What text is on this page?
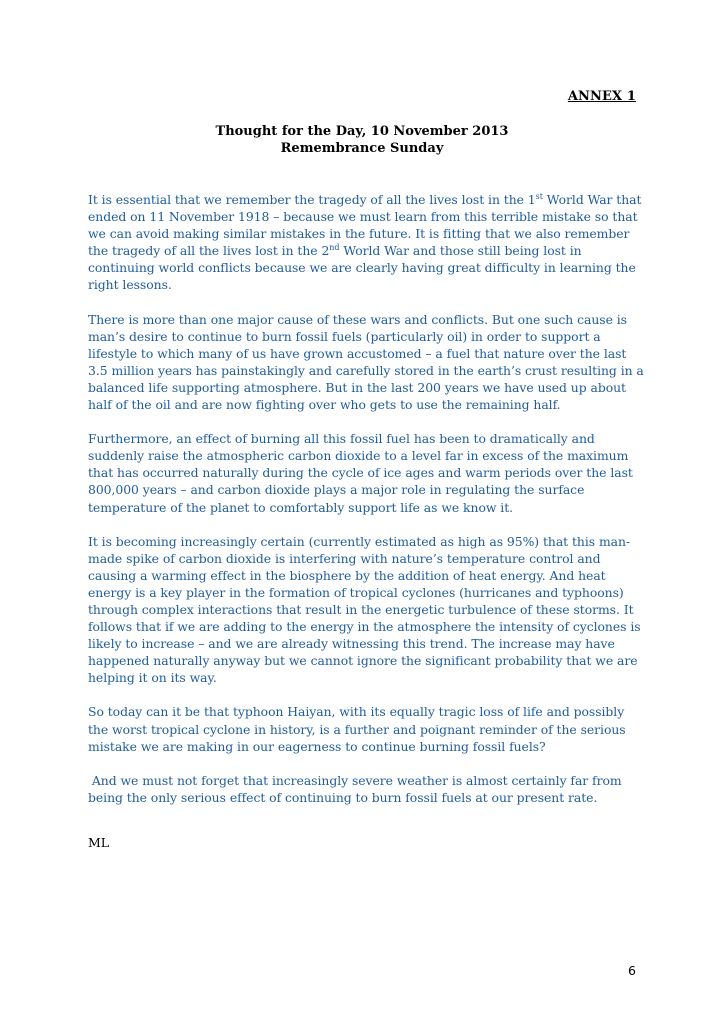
ANNEX 1
Thought for the Day, 10 November 2013
Remembrance Sunday

It is essential that we remember the tragedy of all the lives lost in the 1st World War that ended on 11 November 1918 – because we must learn from this terrible mistake so that we can avoid making similar mistakes in the future. It is fitting that we also remember the tragedy of all the lives lost in the 2nd World War and those still being lost in continuing world conflicts because we are clearly having great difficulty in learning the right lessons.

There is more than one major cause of these wars and conflicts. But one such cause is man’s desire to continue to burn fossil fuels (particularly oil) in order to support a lifestyle to which many of us have grown accustomed – a fuel that nature over the last 3.5 million years has painstakingly and carefully stored in the earth’s crust resulting in a balanced life supporting atmosphere. But in the last 200 years we have used up about half of the oil and are now fighting over who gets to use the remaining half.

Furthermore, an effect of burning all this fossil fuel has been to dramatically and suddenly raise the atmospheric carbon dioxide to a level far in excess of the maximum that has occurred naturally during the cycle of ice ages and warm periods over the last 800,000 years – and carbon dioxide plays a major role in regulating the surface temperature of the planet to comfortably support life as we know it.

It is becoming increasingly certain (currently estimated as high as 95%) that this man-made spike of carbon dioxide is interfering with nature’s temperature control and causing a warming effect in the biosphere by the addition of heat energy. And heat energy is a key player in the formation of tropical cyclones (hurricanes and typhoons) through complex interactions that result in the energetic turbulence of these storms. It follows that if we are adding to the energy in the atmosphere the intensity of cyclones is likely to increase – and we are already witnessing this trend. The increase may have happened naturally anyway but we cannot ignore the significant probability that we are helping it on its way.

So today can it be that typhoon Haiyan, with its equally tragic loss of life and possibly the worst tropical cyclone in history, is a further and poignant reminder of the serious mistake we are making in our eagerness to continue burning fossil fuels?

And we must not forget that increasingly severe weather is almost certainly far from being the only serious effect of continuing to burn fossil fuels at our present rate.

ML
6
